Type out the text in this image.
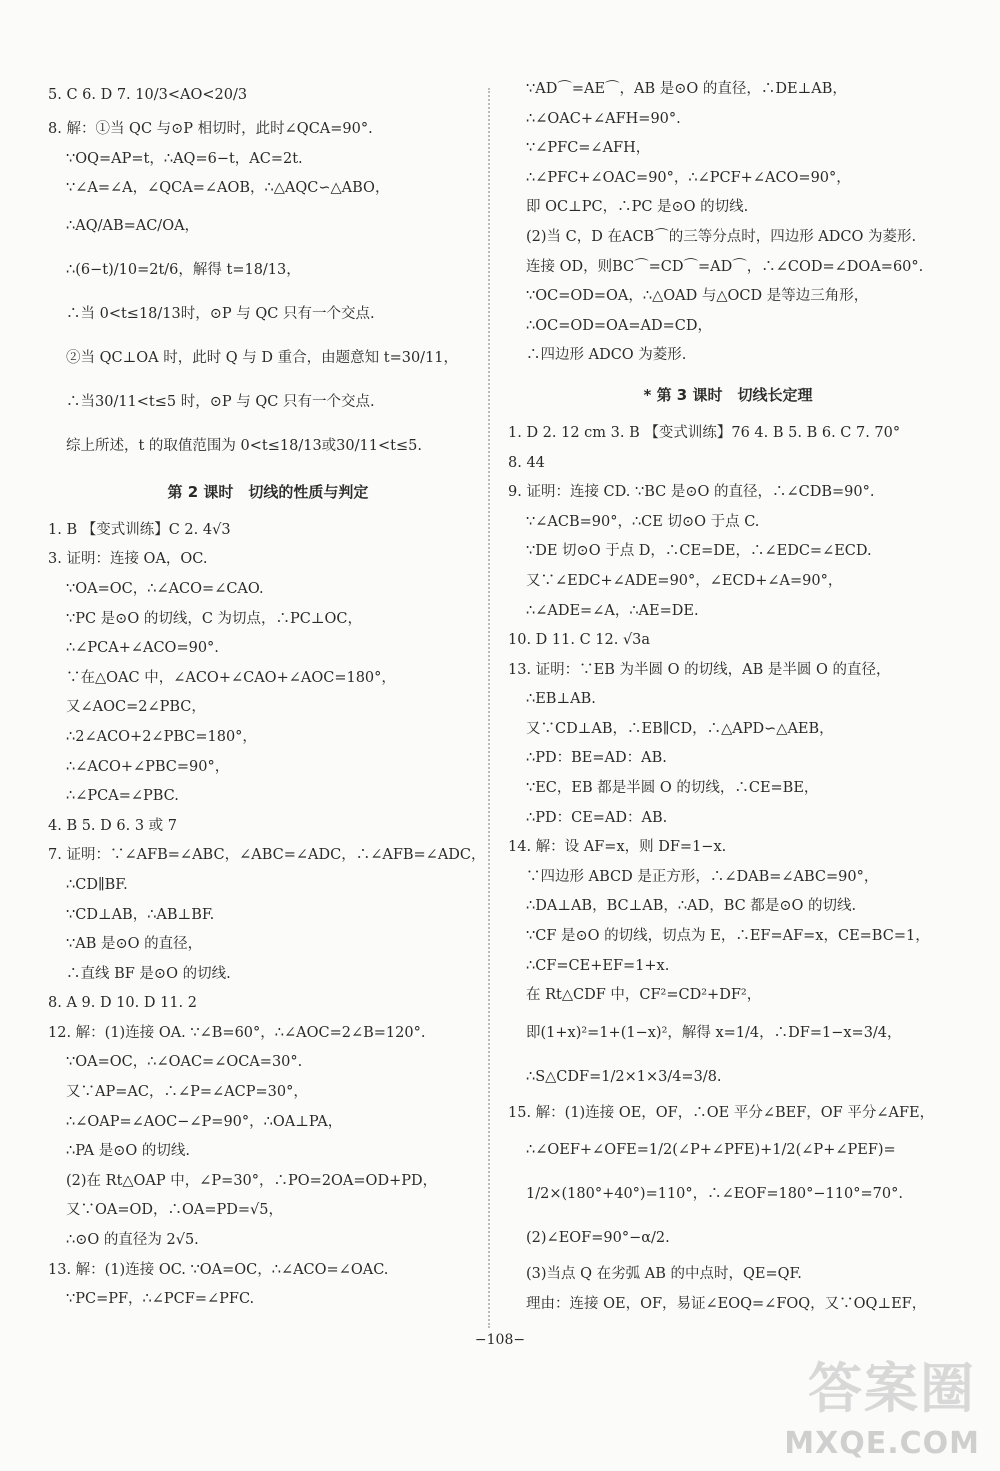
5. C 6. D 7. 10/3<AO<20/3
8. 解：①当 QC 与⊙P 相切时，此时∠QCA=90°.
∵OQ=AP=t，∴AQ=6−t，AC=2t.
∵∠A=∠A，∠QCA=∠AOB，∴△AQC∽△ABO，
∴AQ/AB=AC/OA，
∴(6−t)/10=2t/6，解得 t=18/13，
∴当 0<t≤18/13时，⊙P 与 QC 只有一个交点.
②当 QC⊥OA 时，此时 Q 与 D 重合，由题意知 t=30/11，
∴当30/11<t≤5 时，⊙P 与 QC 只有一个交点.
综上所述，t 的取值范围为 0<t≤18/13或30/11<t≤5.
第 2 课时　切线的性质与判定
1. B 【变式训练】C 2. 4√3
3. 证明：连接 OA，OC.
∵OA=OC，∴∠ACO=∠CAO.
∵PC 是⊙O 的切线，C 为切点，∴PC⊥OC，
∴∠PCA+∠ACO=90°.
∵在△OAC 中，∠ACO+∠CAO+∠AOC=180°，
又∠AOC=2∠PBC，
∴2∠ACO+2∠PBC=180°，
∴∠ACO+∠PBC=90°，
∴∠PCA=∠PBC.
4. B 5. D 6. 3 或 7
7. 证明：∵∠AFB=∠ABC，∠ABC=∠ADC，∴∠AFB=∠ADC，
∴CD∥BF.
∵CD⊥AB，∴AB⊥BF.
∵AB 是⊙O 的直径，
∴直线 BF 是⊙O 的切线.
8. A 9. D 10. D 11. 2
12. 解：(1)连接 OA. ∵∠B=60°，∴∠AOC=2∠B=120°.
∵OA=OC，∴∠OAC=∠OCA=30°.
又∵AP=AC，∴∠P=∠ACP=30°，
∴∠OAP=∠AOC−∠P=90°，∴OA⊥PA，
∴PA 是⊙O 的切线.
(2)在 Rt△OAP 中，∠P=30°，∴PO=2OA=OD+PD，
又∵OA=OD，∴OA=PD=√5，
∴⊙O 的直径为 2√5.
13. 解：(1)连接 OC. ∵OA=OC，∴∠ACO=∠OAC.
∵PC=PF，∴∠PCF=∠PFC.
∵AD⌒=AE⌒，AB 是⊙O 的直径，∴DE⊥AB，
∴∠OAC+∠AFH=90°.
∵∠PFC=∠AFH，
∴∠PFC+∠OAC=90°，∴∠PCF+∠ACO=90°，
即 OC⊥PC，∴PC 是⊙O 的切线.
(2)当 C，D 在ACB⌒的三等分点时，四边形 ADCO 为菱形.
连接 OD，则BC⌒=CD⌒=AD⌒，∴∠COD=∠DOA=60°.
∵OC=OD=OA，∴△OAD 与△OCD 是等边三角形，
∴OC=OD=OA=AD=CD，
∴四边形 ADCO 为菱形.
* 第 3 课时　切线长定理
1. D 2. 12 cm 3. B 【变式训练】76 4. B 5. B 6. C 7. 70°
8. 44
9. 证明：连接 CD. ∵BC 是⊙O 的直径，∴∠CDB=90°.
∵∠ACB=90°，∴CE 切⊙O 于点 C.
∵DE 切⊙O 于点 D，∴CE=DE，∴∠EDC=∠ECD.
又∵∠EDC+∠ADE=90°，∠ECD+∠A=90°，
∴∠ADE=∠A，∴AE=DE.
10. D 11. C 12. √3a
13. 证明：∵EB 为半圆 O 的切线，AB 是半圆 O 的直径，
∴EB⊥AB.
又∵CD⊥AB，∴EB∥CD，∴△APD∽△AEB，
∴PD：BE=AD：AB.
∵EC，EB 都是半圆 O 的切线，∴CE=BE，
∴PD：CE=AD：AB.
14. 解：设 AF=x，则 DF=1−x.
∵四边形 ABCD 是正方形，∴∠DAB=∠ABC=90°，
∴DA⊥AB，BC⊥AB，∴AD，BC 都是⊙O 的切线.
∵CF 是⊙O 的切线，切点为 E，∴EF=AF=x，CE=BC=1，
∴CF=CE+EF=1+x.
在 Rt△CDF 中，CF²=CD²+DF²，
即(1+x)²=1+(1−x)²，解得 x=1/4，∴DF=1−x=3/4，
∴S△CDF=1/2×1×3/4=3/8.
15. 解：(1)连接 OE，OF，∴OE 平分∠BEF，OF 平分∠AFE，
∴∠OEF+∠OFE=1/2(∠P+∠PFE)+1/2(∠P+∠PEF)=
1/2×(180°+40°)=110°，∴∠EOF=180°−110°=70°.
(2)∠EOF=90°−α/2.
(3)当点 Q 在劣弧 AB 的中点时，QE=QF.
理由：连接 OE，OF，易证∠EOQ=∠FOQ，又∵OQ⊥EF，
−108−
答案圈
MXQE.COM
